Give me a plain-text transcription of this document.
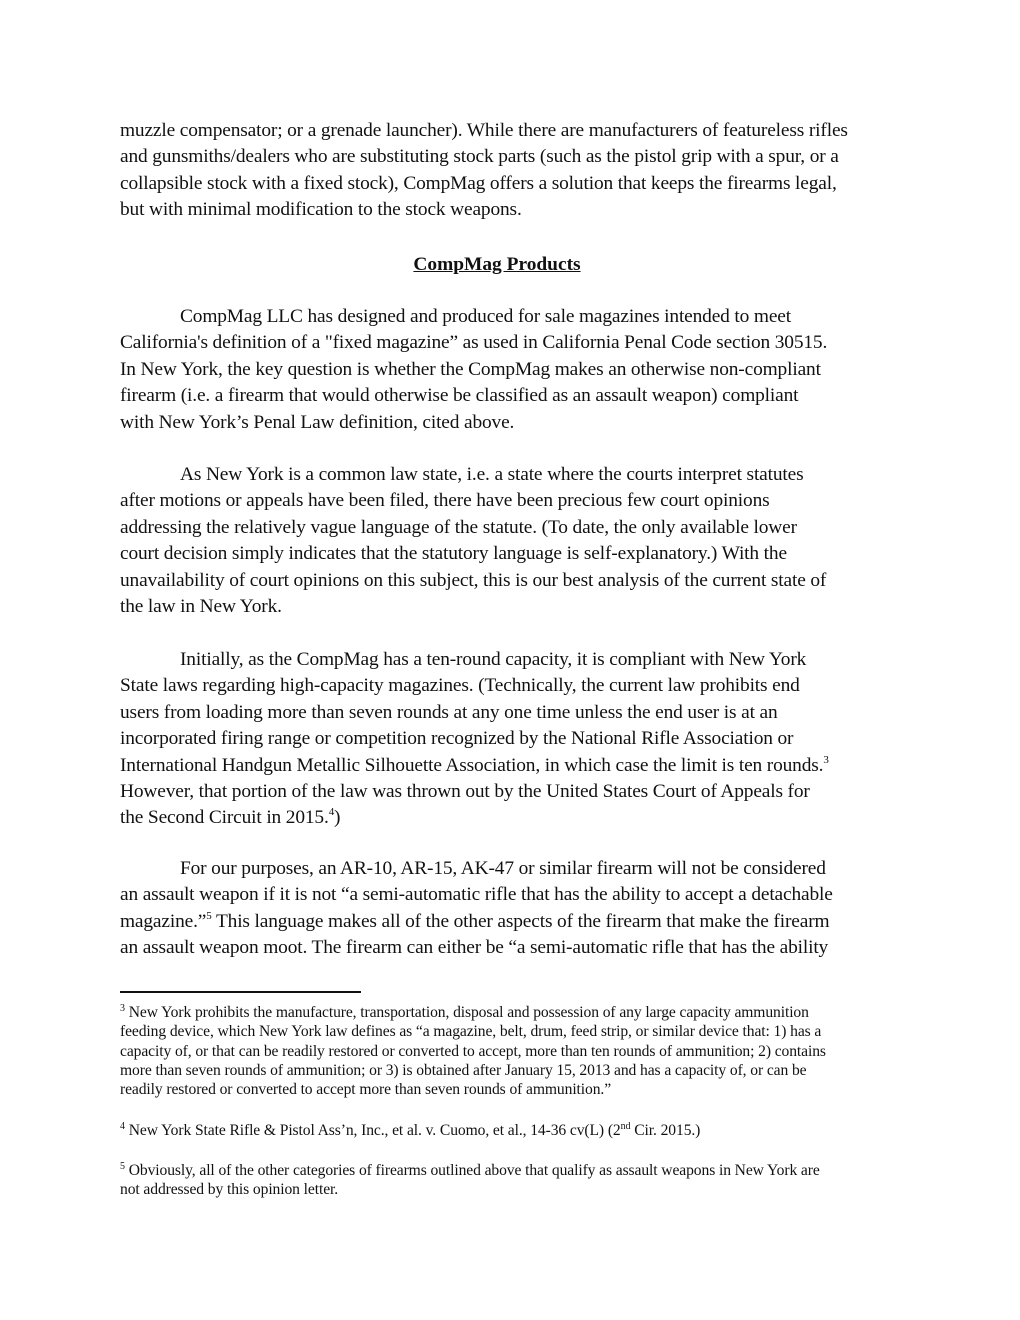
muzzle compensator; or a grenade launcher). While there are manufacturers of featureless rifles
and gunsmiths/dealers who are substituting stock parts (such as the pistol grip with a spur, or a
collapsible stock with a fixed stock), CompMag offers a solution that keeps the firearms legal,
but with minimal modification to the stock weapons.
CompMag Products
CompMag LLC has designed and produced for sale magazines intended to meet
California's definition of a "fixed magazine” as used in California Penal Code section 30515.
In New York, the key question is whether the CompMag makes an otherwise non-compliant
firearm (i.e. a firearm that would otherwise be classified as an assault weapon) compliant
with New York’s Penal Law definition, cited above.
As New York is a common law state, i.e. a state where the courts interpret statutes
after motions or appeals have been filed, there have been precious few court opinions
addressing the relatively vague language of the statute. (To date, the only available lower
court decision simply indicates that the statutory language is self-explanatory.) With the
unavailability of court opinions on this subject, this is our best analysis of the current state of
the law in New York.
Initially, as the CompMag has a ten-round capacity, it is compliant with New York
State laws regarding high-capacity magazines. (Technically, the current law prohibits end
users from loading more than seven rounds at any one time unless the end user is at an
incorporated firing range or competition recognized by the National Rifle Association or
International Handgun Metallic Silhouette Association, in which case the limit is ten rounds.$^3$
However, that portion of the law was thrown out by the United States Court of Appeals for
the Second Circuit in 2015.$^4$)
For our purposes, an AR-10, AR-15, AK-47 or similar firearm will not be considered
an assault weapon if it is not “a semi-automatic rifle that has the ability to accept a detachable
magazine.”$^5$ This language makes all of the other aspects of the firearm that make the firearm
an assault weapon moot. The firearm can either be “a semi-automatic rifle that has the ability
$^3$ New York prohibits the manufacture, transportation, disposal and possession of any large capacity ammunition
feeding device, which New York law defines as “a magazine, belt, drum, feed strip, or similar device that: 1) has a
capacity of, or that can be readily restored or converted to accept, more than ten rounds of ammunition; 2) contains
more than seven rounds of ammunition; or 3) is obtained after January 15, 2013 and has a capacity of, or can be
readily restored or converted to accept more than seven rounds of ammunition.”
$^4$ New York State Rifle & Pistol Ass’n, Inc., et al. v. Cuomo, et al., 14-36 cv(L) (2nd Cir. 2015.)
$^5$ Obviously, all of the other categories of firearms outlined above that qualify as assault weapons in New York are
not addressed by this opinion letter.
